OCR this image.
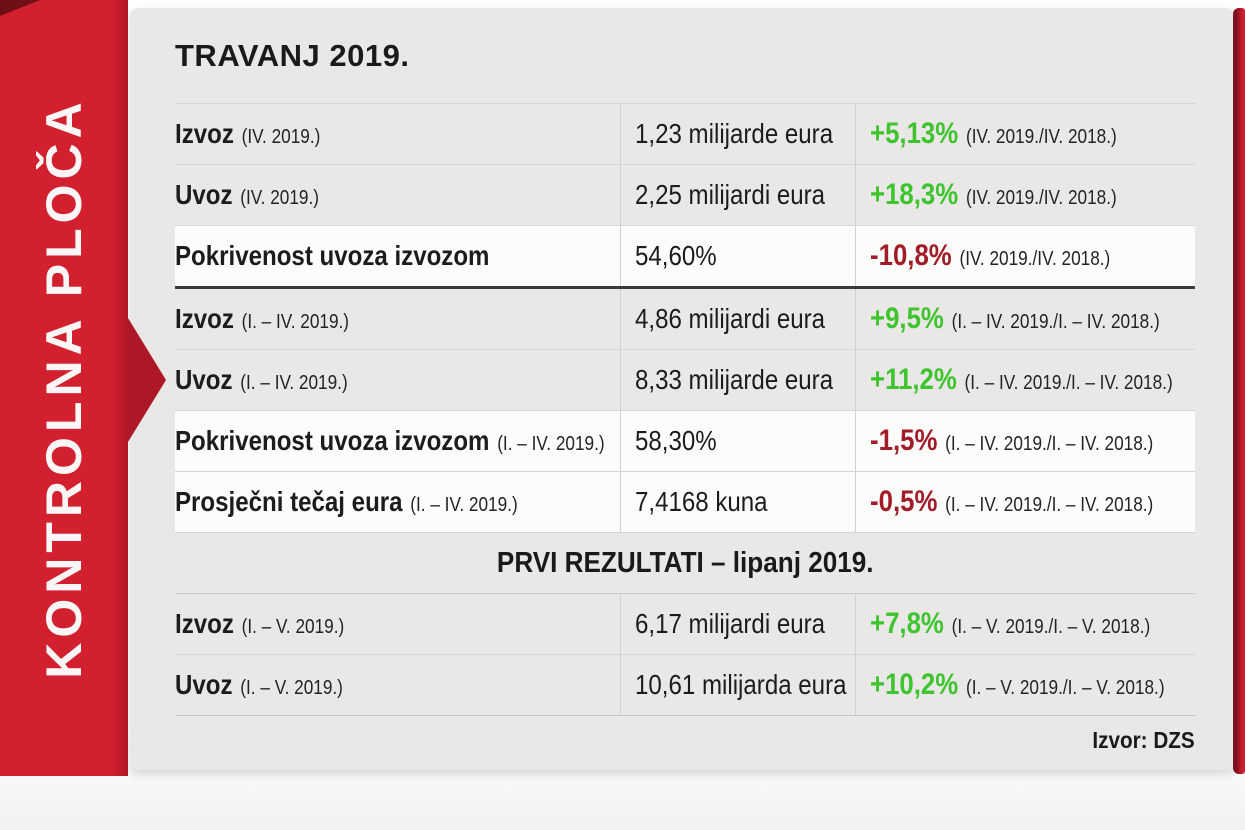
TRAVANJ 2019.
Izvoz (IV. 2019.)	1,23 milijarde eura +5,13% (IV. 2019./IV. 2018.)
Uvoz (IV. 2019.)	2,25 milijardi eura +18,3% (IV. 2019./IV. 2018.)
Pokrivenost uvoza izvozom	54,60%	-10,8% (IV. 2019./IV. 2018.)
Izvoz (I. – IV. 2019.)	4,86 milijardi eura +9,5% (I. – IV. 2019./I. – IV. 2018.)
Uvoz (I. – IV. 2019.)	8,33 milijarde eura +11,2% (I. – IV. 2019./I. – IV. 2018.)
Pokrivenost uvoza izvozom (I. – IV. 2019.) 58,30%	-1,5% (I. – IV. 2019./I. – IV. 2018.)
Prosječni tečaj eura (I. – IV. 2019.)	7,4168 kuna	-0,5% (I. – IV. 2019./I. – IV. 2018.)
PRVI REZULTATI – lipanj 2019.
Izvoz (I. – V. 2019.)	6,17 milijardi eura +7,8% (I. – V. 2019./I. – V. 2018.)
Uvoz (I. – V. 2019.)	10,61 milijarda eura +10,2% (I. – V. 2019./I. – V. 2018.)
Izvor: DZS
KONTROLNA PLOČA
